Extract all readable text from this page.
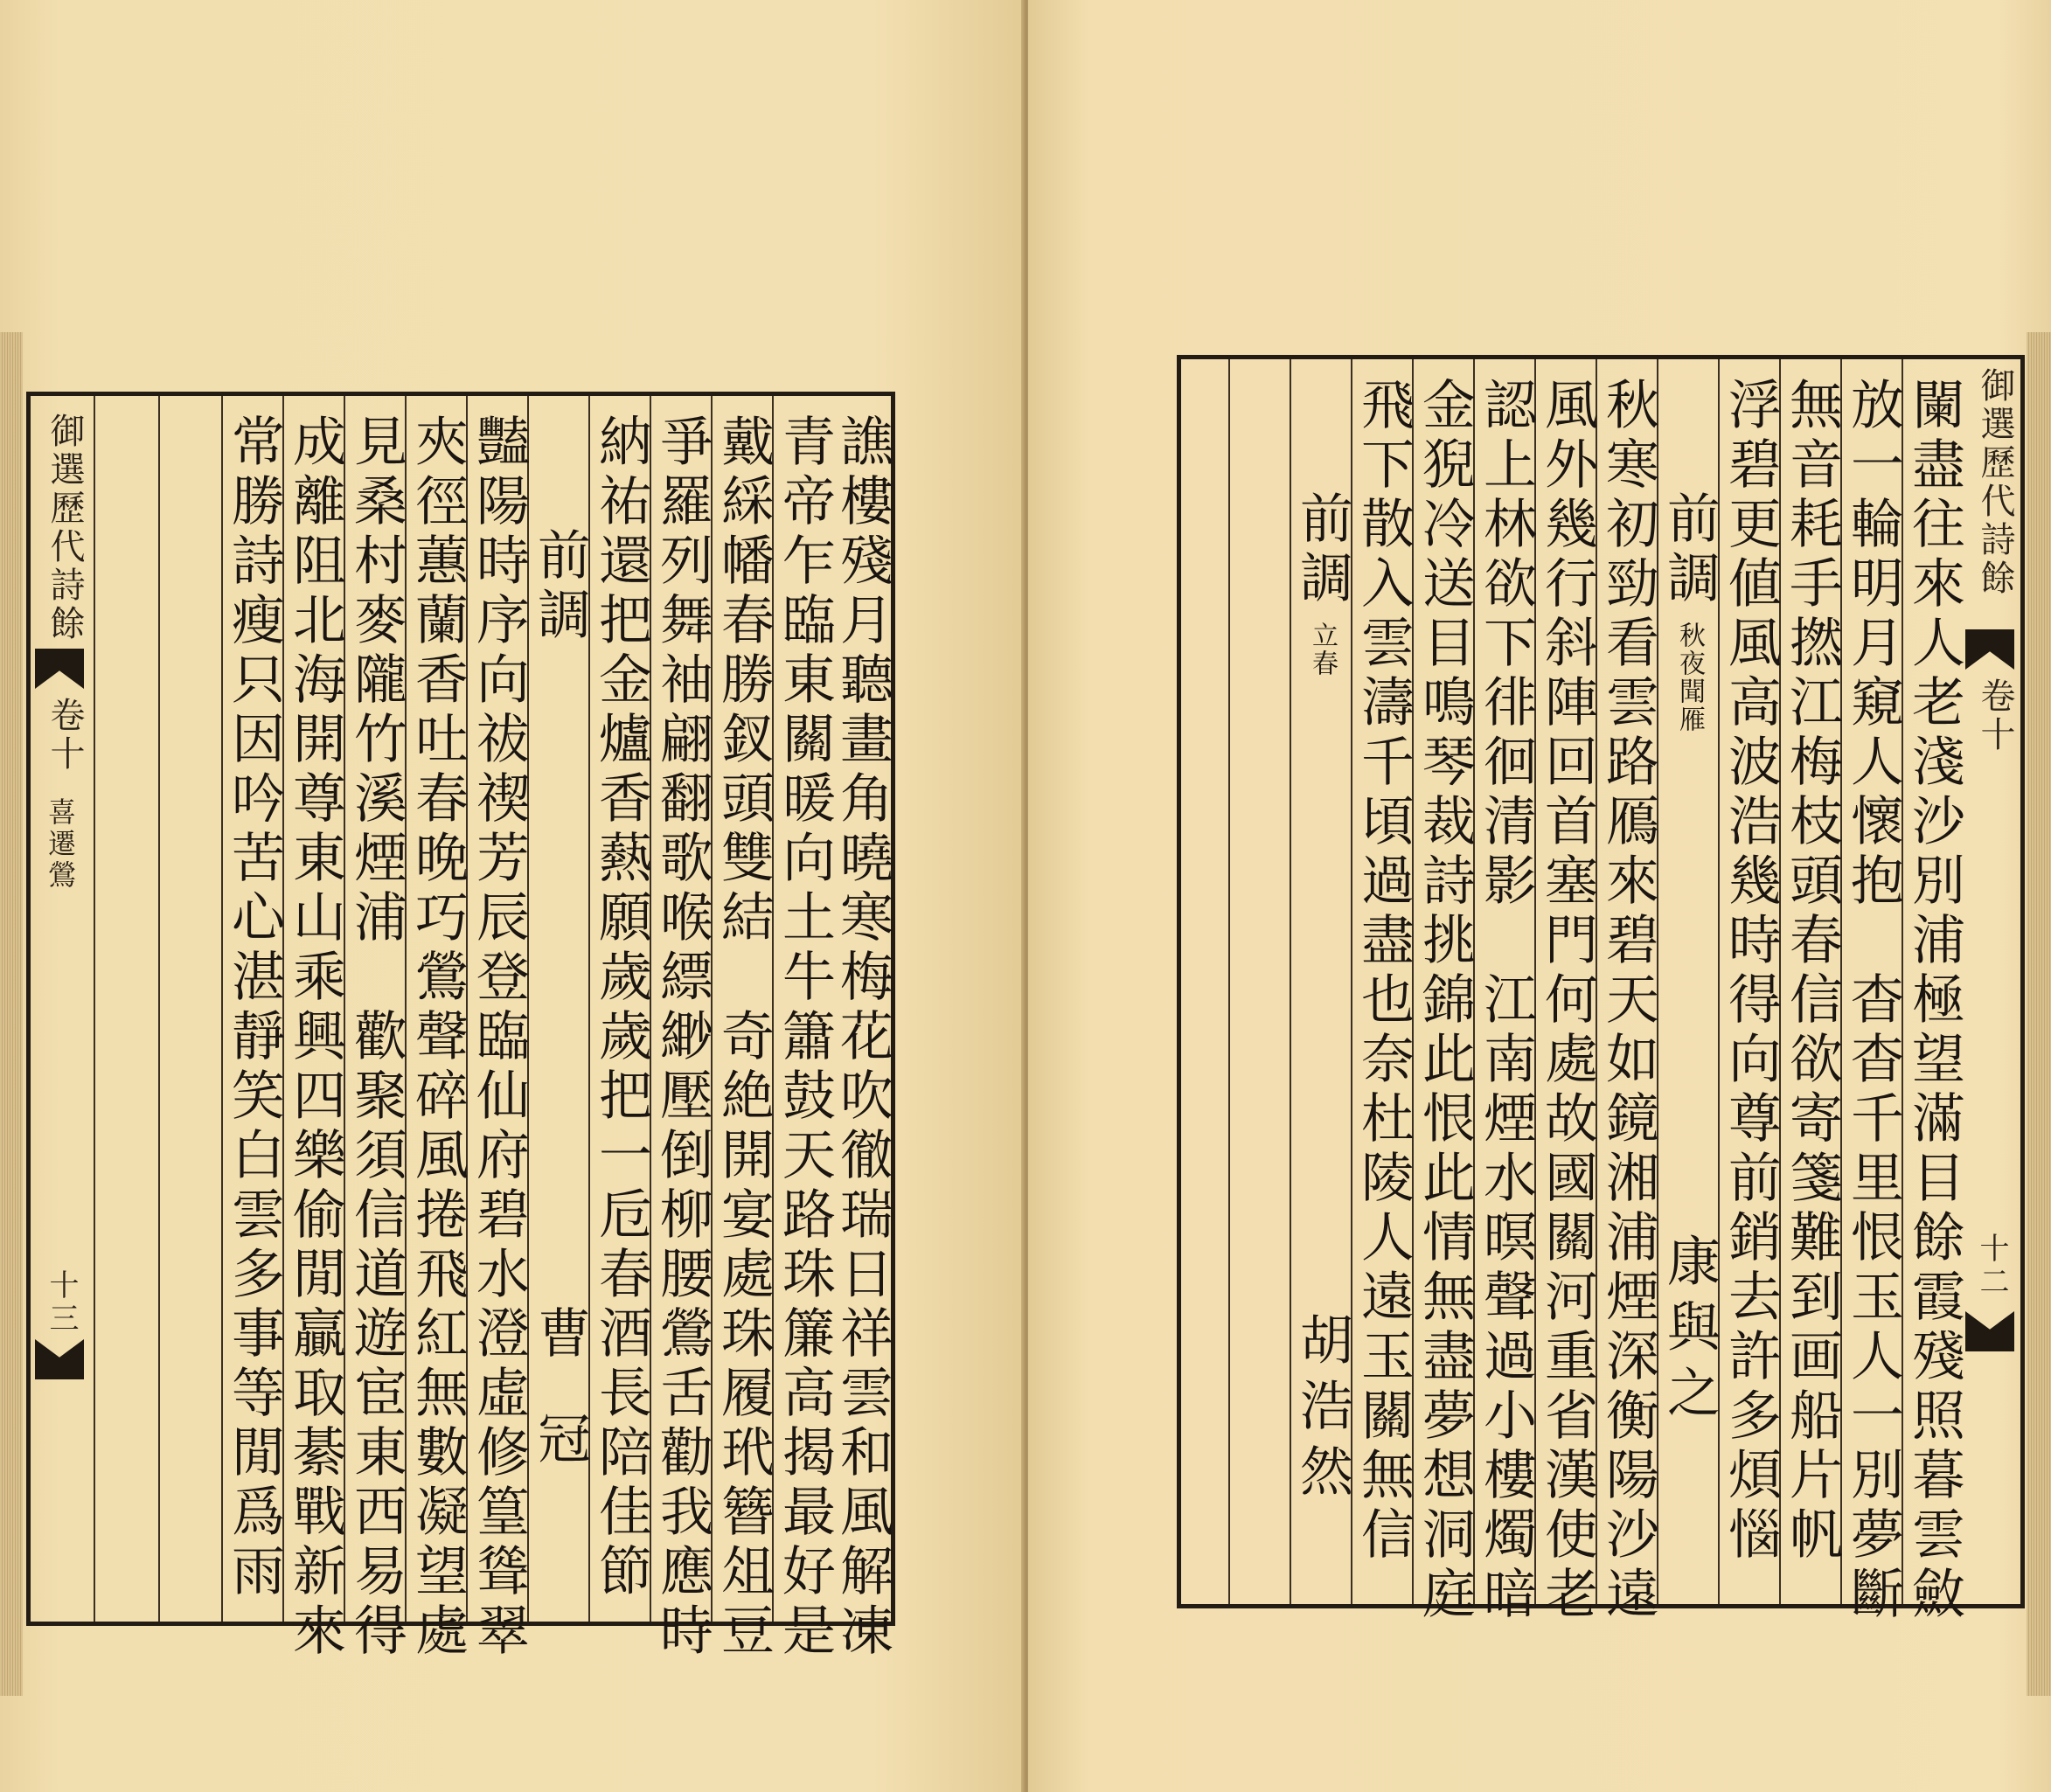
譙樓殘月聽畫角曉寒梅花吹徹瑞日祥雲和風解凍
青帝乍臨東關暖向土牛簫鼓天路珠簾高揭最好是
戴綵幡春勝釵頭雙結　奇絶開宴處珠履玳簪俎豆
爭羅列舞袖翩翻歌喉縹緲壓倒柳腰鶯舌勸我應時
納祐還把金爐香爇願歲歲把一卮春酒長陪佳節
前調
曹冠
豔陽時序向祓禊芳辰登臨仙府碧水澄虛修篁聳翠
夾徑蕙蘭香吐春晚巧鶯聲碎風捲飛紅無數凝望處
見桑村麥隴竹溪煙浦　歡聚須信道遊宦東西易得
成離阻北海開尊東山乘興四樂偷閒贏取綦戰新來
常勝詩瘦只因吟苦心湛靜笑白雲多事等閒爲雨
御選歷代詩餘
卷十
喜遷鶯
十三	闌盡往來人老淺沙別浦極望滿目餘霞殘照暮雲斂
放一輪明月窺人懷抱　杳杳千里恨玉人一別夢斷
無音耗手撚江梅枝頭春信欲寄箋難到画船片帆
浮碧更値風高波浩幾時得向尊前銷去許多煩惱
前調
秋夜聞雁
康與之
秋寒初勁看雲路鴈來碧天如鏡湘浦煙深衡陽沙遠
風外幾行斜陣回首塞門何處故國關河重省漢使老
認上林欲下徘徊清影　江南煙水暝聲過小樓燭暗
金猊冷送目鳴琴裁詩挑錦此恨此情無盡夢想洞庭
飛下散入雲濤千頃過盡也奈杜陵人遠玉關無信
前調
立春
胡浩然
御選歷代詩餘
卷十
十二
